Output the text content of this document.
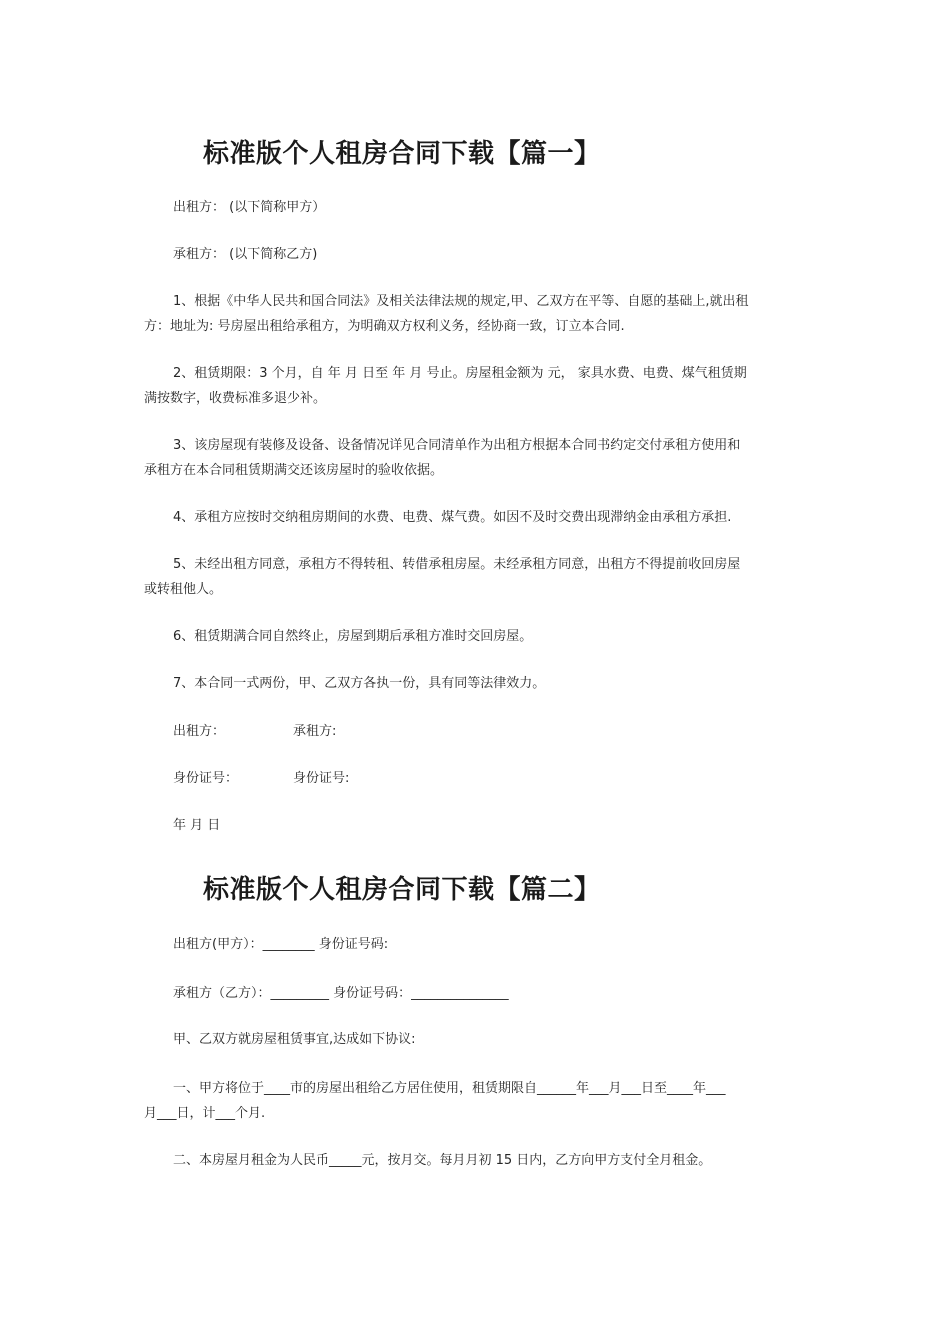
标准版个人租房合同下载【篇一】
出租方： (以下简称甲方）
承租方： (以下简称乙方)
1、根据《中华人民共和国合同法》及相关法律法规的规定,甲、乙双方在平等、自愿的基础上,就出租
方：地址为: 号房屋出租给承租方，为明确双方权利义务，经协商一致，订立本合同.
2、租赁期限：3 个月，自 年 月 日至 年 月 号止。房屋租金额为 元， 家具水费、电费、煤气租赁期
满按数字，收费标准多退少补。
3、该房屋现有装修及设备、设备情况详见合同清单作为出租方根据本合同书约定交付承租方使用和
承租方在本合同租赁期满交还该房屋时的验收依据。
4、承租方应按时交纳租房期间的水费、电费、煤气费。如因不及时交费出现滞纳金由承租方承担.
5、未经出租方同意，承租方不得转租、转借承租房屋。未经承租方同意，出租方不得提前收回房屋
或转租他人。
6、租赁期满合同自然终止，房屋到期后承租方准时交回房屋。
7、本合同一式两份，甲、乙双方各执一份，具有同等法律效力。
出租方：	承租方:
身份证号：	身份证号:
年 月 日
标准版个人租房合同下载【篇二】
出租方(甲方）：________ 身份证号码:
承租方（乙方）：_________ 身份证号码：_______________
甲、乙双方就房屋租赁事宜,达成如下协议:
一、甲方将位于____市的房屋出租给乙方居住使用，租赁期限自______年___月___日至____年___
月___日，计___个月.
二、本房屋月租金为人民币_____元，按月交。每月月初 15 日内，乙方向甲方支付全月租金。
